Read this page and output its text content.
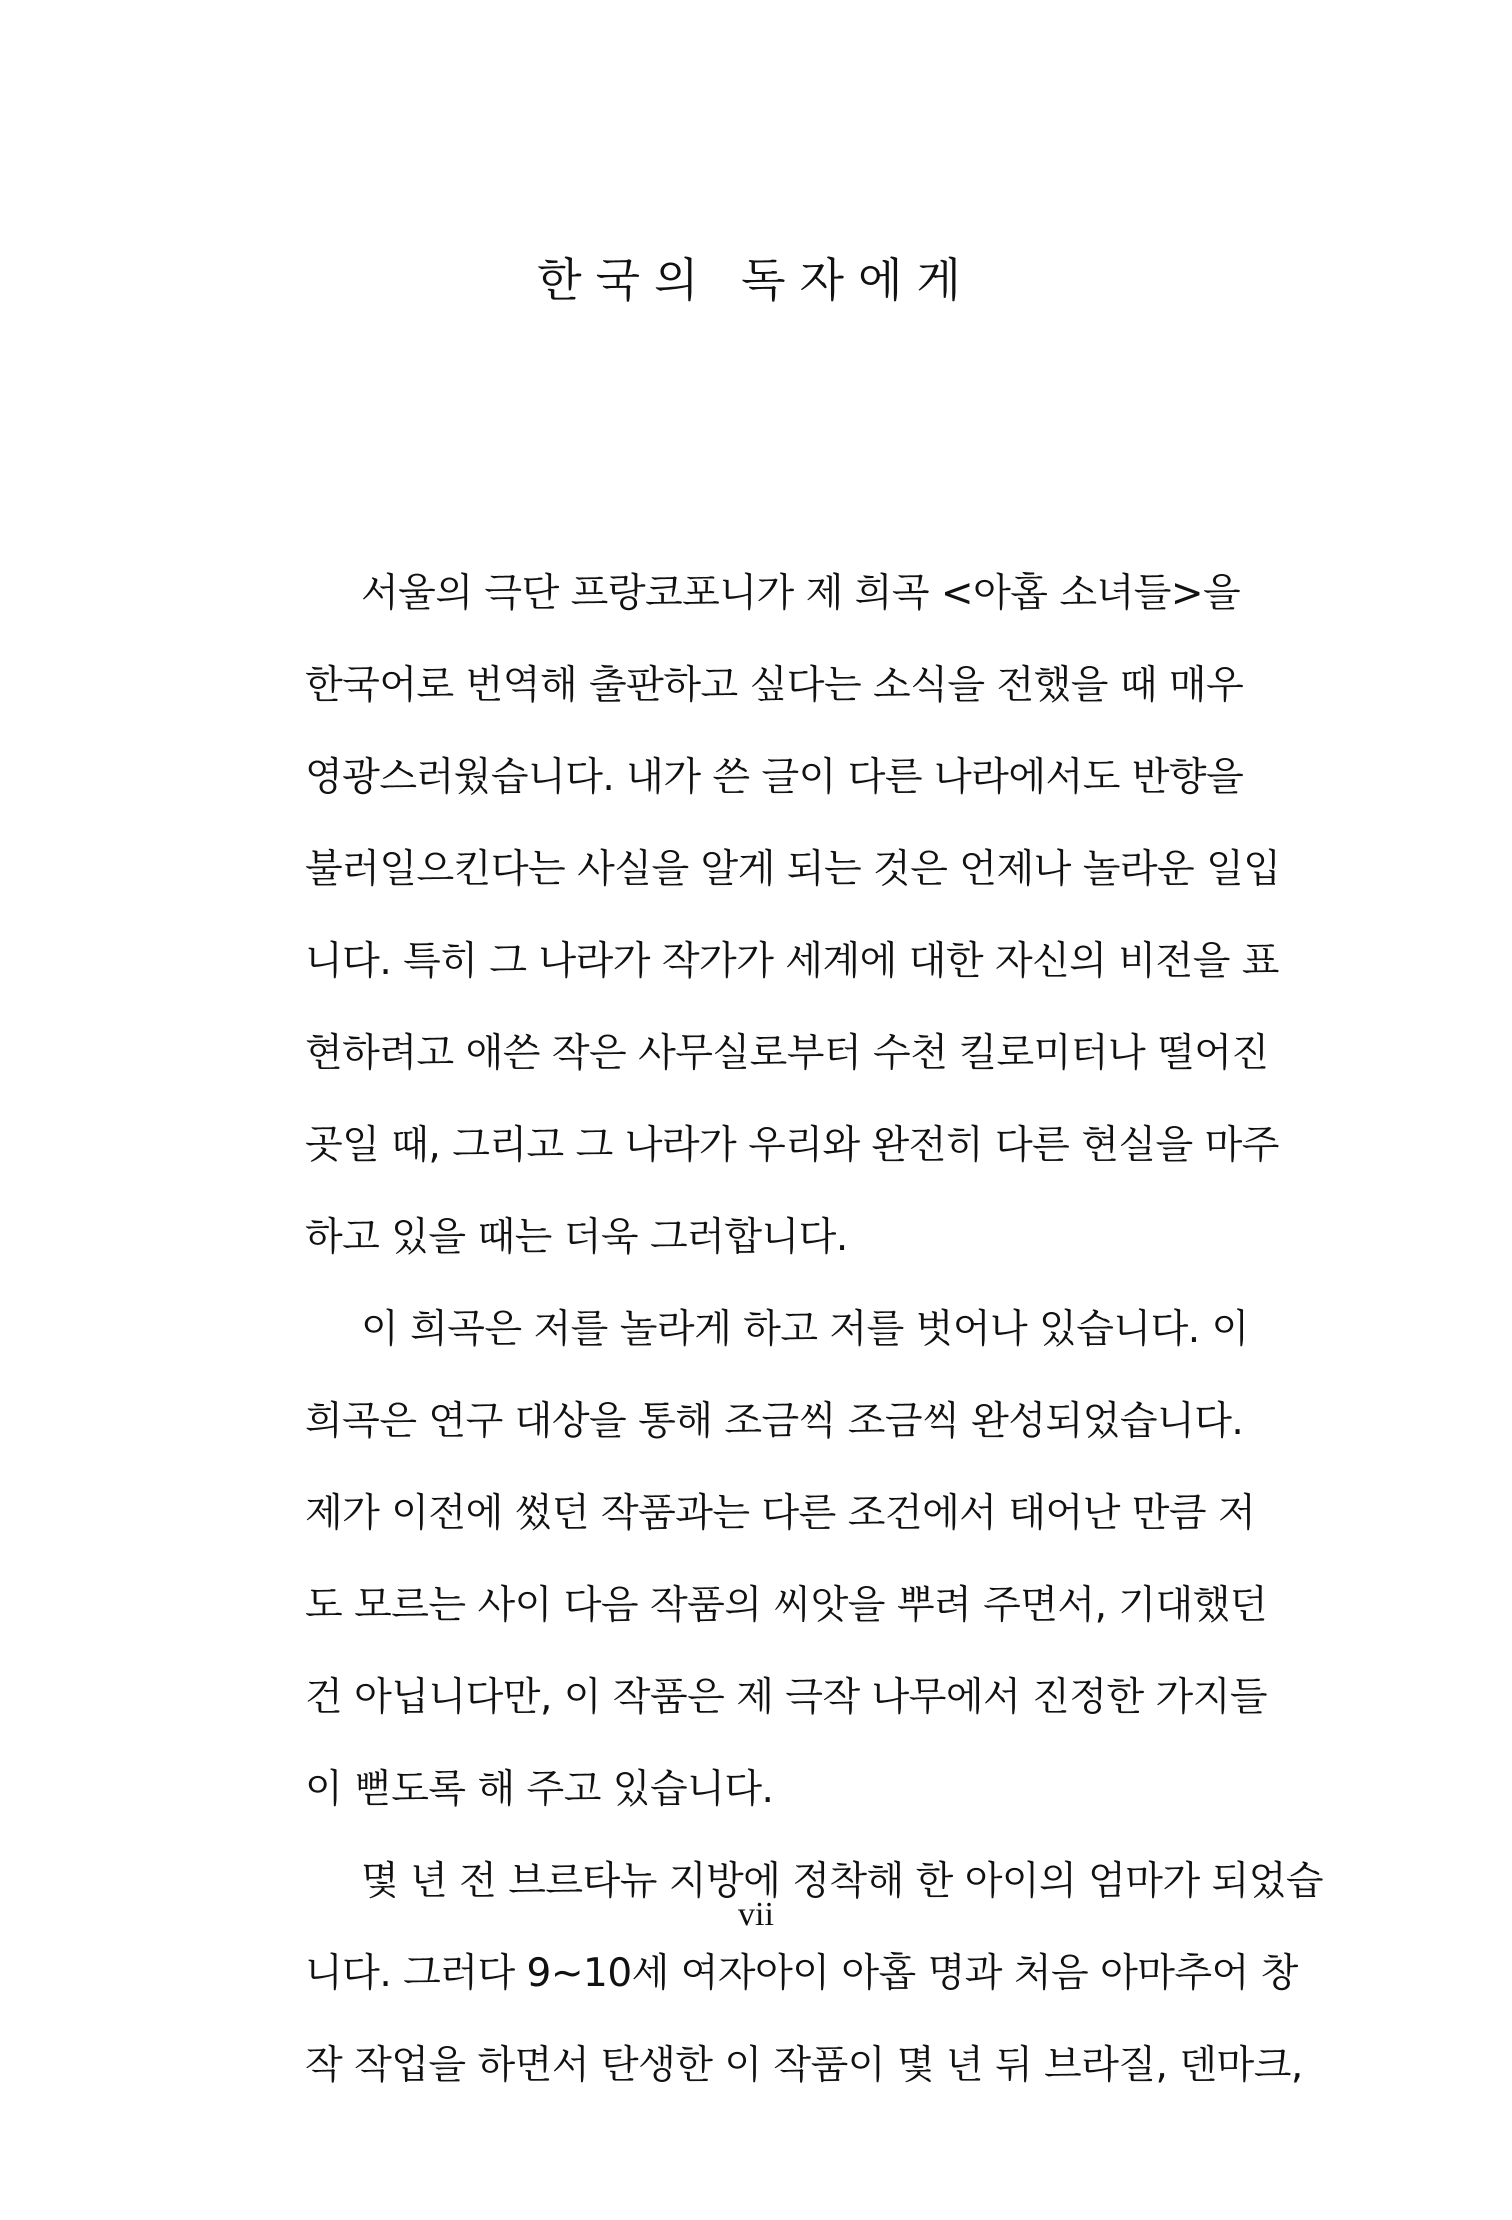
한국의 독자에게
서울의 극단 프랑코포니가 제 희곡 <아홉 소녀들>을
한국어로 번역해 출판하고 싶다는 소식을 전했을 때 매우
영광스러웠습니다. 내가 쓴 글이 다른 나라에서도 반향을
불러일으킨다는 사실을 알게 되는 것은 언제나 놀라운 일입
니다. 특히 그 나라가 작가가 세계에 대한 자신의 비전을 표
현하려고 애쓴 작은 사무실로부터 수천 킬로미터나 떨어진
곳일 때, 그리고 그 나라가 우리와 완전히 다른 현실을 마주
하고 있을 때는 더욱 그러합니다.
이 희곡은 저를 놀라게 하고 저를 벗어나 있습니다. 이
희곡은 연구 대상을 통해 조금씩 조금씩 완성되었습니다.
제가 이전에 썼던 작품과는 다른 조건에서 태어난 만큼 저
도 모르는 사이 다음 작품의 씨앗을 뿌려 주면서, 기대했던
건 아닙니다만, 이 작품은 제 극작 나무에서 진정한 가지들
이 뻗도록 해 주고 있습니다.
몇 년 전 브르타뉴 지방에 정착해 한 아이의 엄마가 되었습
니다. 그러다 9~10세 여자아이 아홉 명과 처음 아마추어 창
작 작업을 하면서 탄생한 이 작품이 몇 년 뒤 브라질, 덴마크,
vii
